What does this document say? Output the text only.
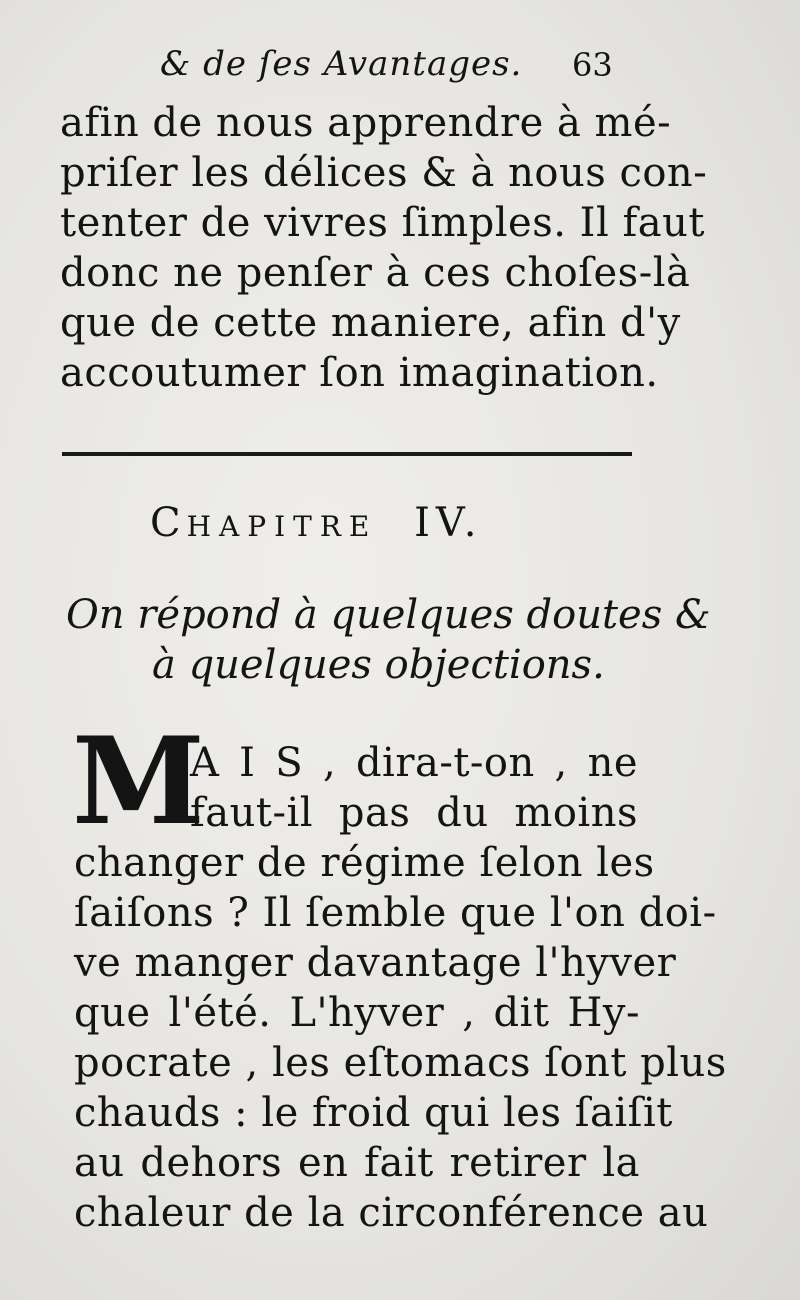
& de ſes Avantages. 63
afin de nous apprendre à mé-
priſer les délices & à nous con-
tenter de vivres ſimples. Il faut
donc ne penſer à ces choſes-là
que de cette maniere, afin d'y
accoutumer ſon imagination.
CHAPITRE IV.
On répond à quelques doutes &
à quelques objections.
M
A I S , dira-t-on , ne
faut-il pas du moins
changer de régime ſelon les
ſaiſons ? Il ſemble que l'on doi-
ve manger davantage l'hyver
que l'été. L'hyver , dit Hy-
pocrate , les eſtomacs ſont plus
chauds : le froid qui les ſaiſit
au dehors en fait retirer la
chaleur de la circonférence au
